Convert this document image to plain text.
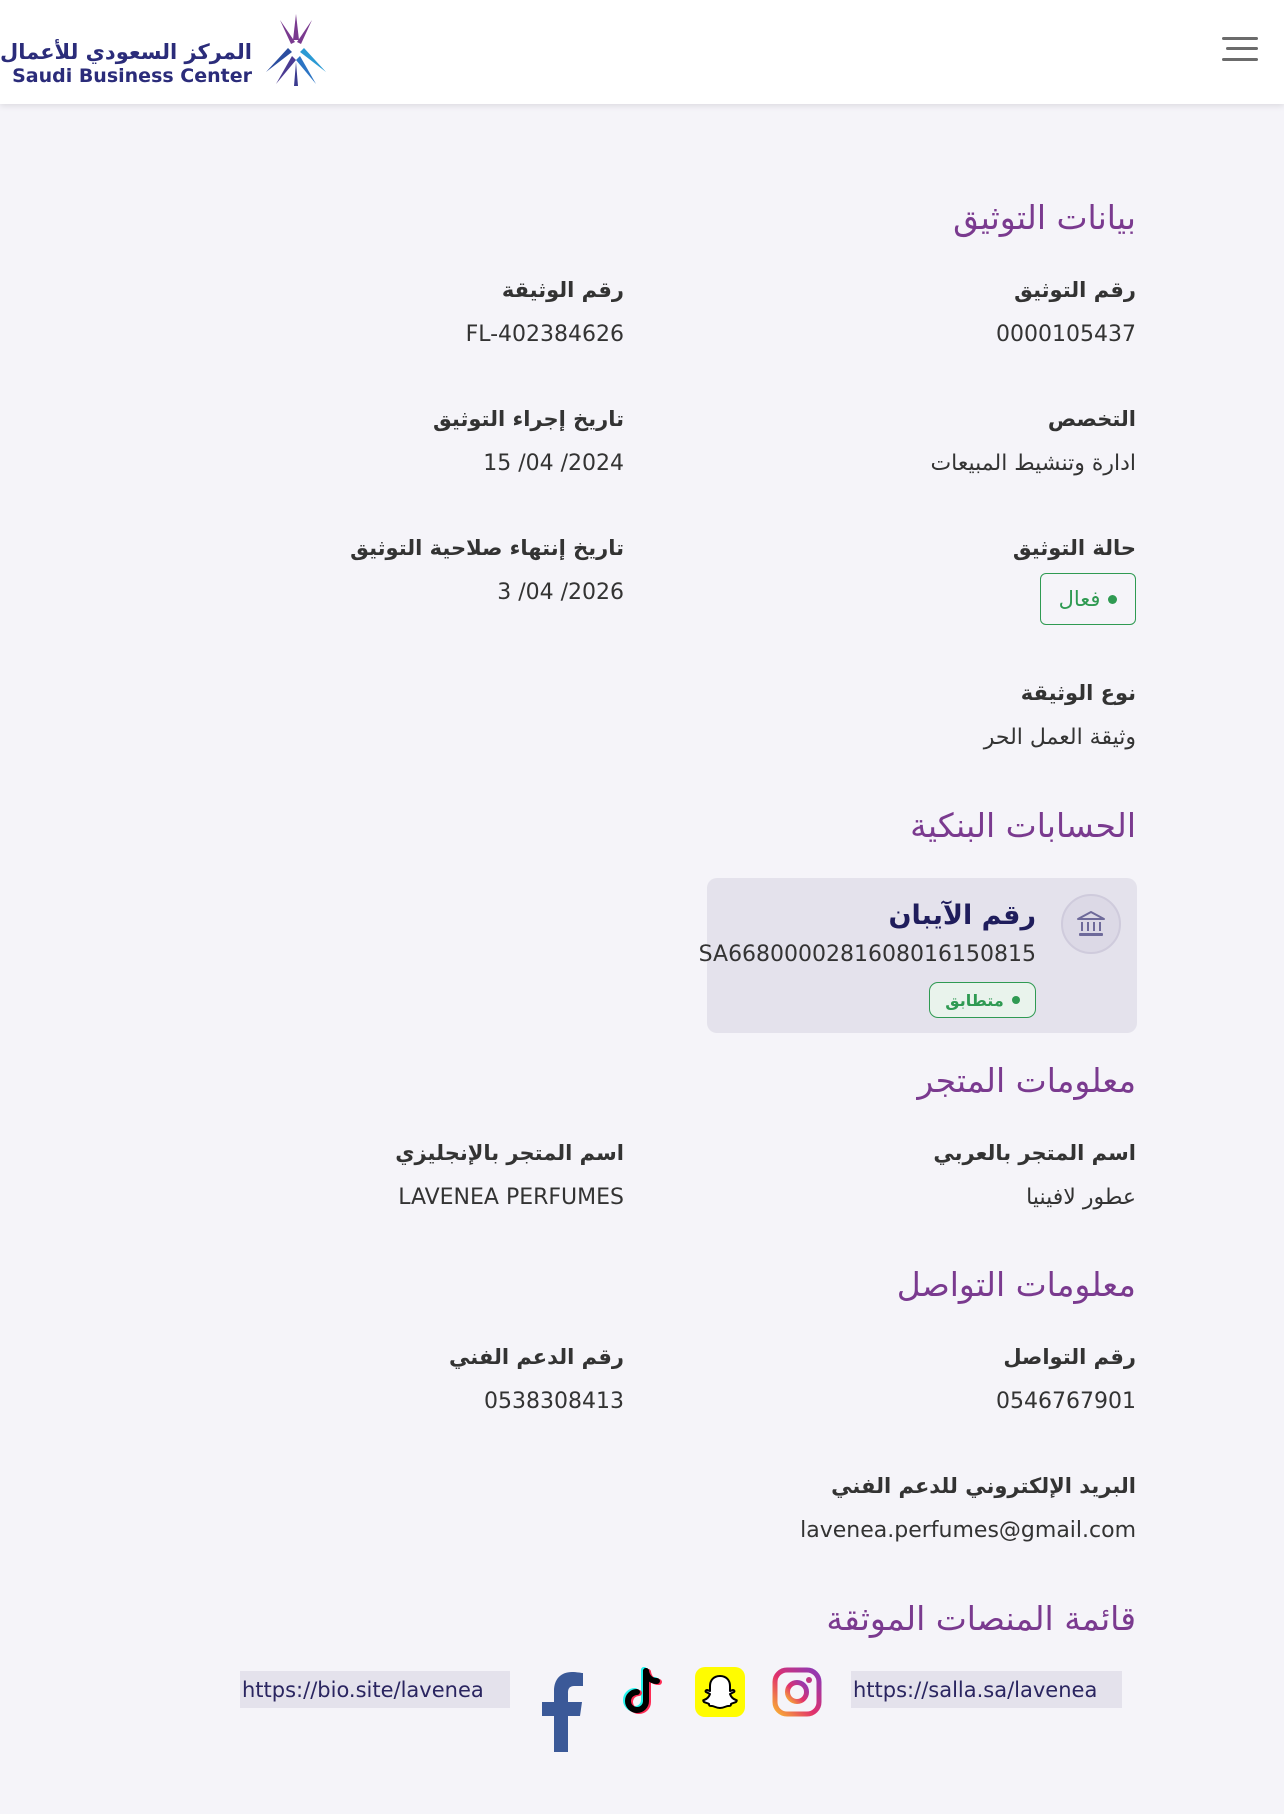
المركز السعودي للأعمال
Saudi Business Center
بيانات التوثيق
رقم التوثيق
0000105437
رقم الوثيقة
FL-402384626
التخصص
ادارة وتنشيط المبيعات
تاريخ إجراء التوثيق
15 /04 /2024
حالة التوثيق
فعال
تاريخ إنتهاء صلاحية التوثيق
3 /04 /2026
نوع الوثيقة
وثيقة العمل الحر
الحسابات البنكية
رقم الآيبان
SA6680000281608016150815
متطابق
معلومات المتجر
اسم المتجر بالعربي
عطور لافينيا
اسم المتجر بالإنجليزي
LAVENEA PERFUMES
معلومات التواصل
رقم التواصل
0546767901
رقم الدعم الفني
0538308413
البريد الإلكتروني للدعم الفني
lavenea.perfumes@gmail.com
قائمة المنصات الموثقة
https://salla.sa/lavenea
https://bio.site/lavenea
